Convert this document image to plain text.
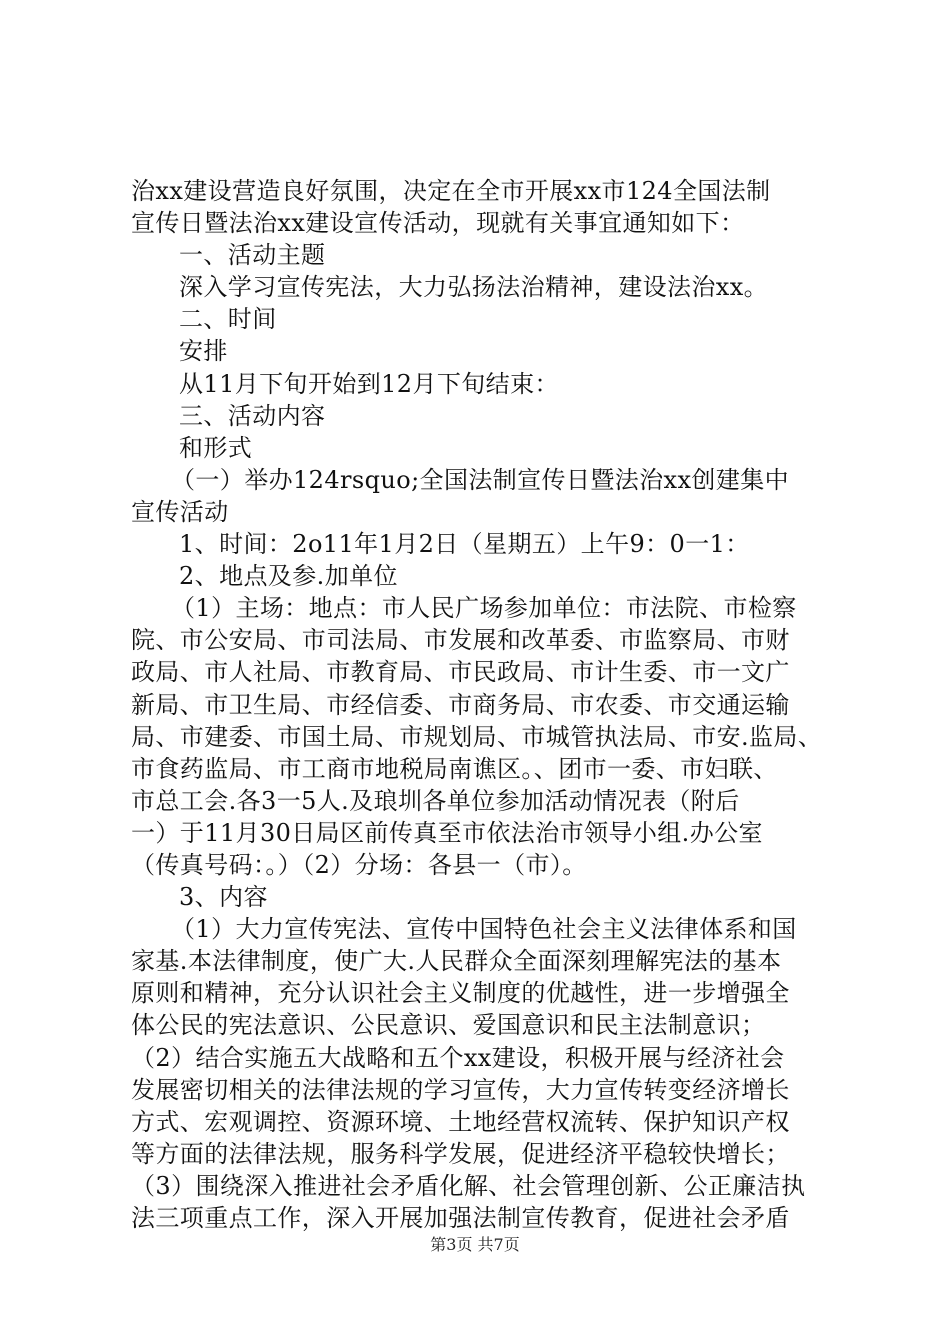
治xx建设营造良好氛围，决定在全市开展xx市124全国法制
宣传日暨法治xx建设宣传活动，现就有关事宜通知如下：
一、活动主题
深入学习宣传宪法，大力弘扬法治精神，建设法治xx。
二、时间
安排
从11月下旬开始到12月下旬结束：
三、活动内容
和形式
（一）举办124rsquo;全国法制宣传日暨法治xx创建集中
宣传活动
1、时间：2o11年1月2日（星期五）上午9：0一1：
2、地点及参.加单位
（1）主场：地点：市人民广场参加单位：市法院、市检察
院、市公安局、市司法局、市发展和改革委、市监察局、市财
政局、市人社局、市教育局、市民政局、市计生委、市一文广
新局、市卫生局、市经信委、市商务局、市农委、市交通运输
局、市建委、市国土局、市规划局、市城管执法局、市安.监局、
市食药监局、市工商市地税局南谯区。、团市一委、市妇联、
市总工会.各3一5人.及琅圳各单位参加活动情况表（附后
一）于11月30日局区前传真至市依法治市领导小组.办公室
（传真号码：。）（2）分场：各县一（市）。
3、内容
（1）大力宣传宪法、宣传中国特色社会主义法律体系和国
家基.本法律制度，使广大.人民群众全面深刻理解宪法的基本
原则和精神，充分认识社会主义制度的优越性，进一步增强全
体公民的宪法意识、公民意识、爱国意识和民主法制意识；
（2）结合实施五大战略和五个xx建设，积极开展与经济社会
发展密切相关的法律法规的学习宣传，大力宣传转变经济增长
方式、宏观调控、资源环境、土地经营权流转、保护知识产权
等方面的法律法规，服务科学发展，促进经济平稳较快增长；
（3）围绕深入推进社会矛盾化解、社会管理创新、公正廉洁执
法三项重点工作，深入开展加强法制宣传教育，促进社会矛盾
第3页 共7页
